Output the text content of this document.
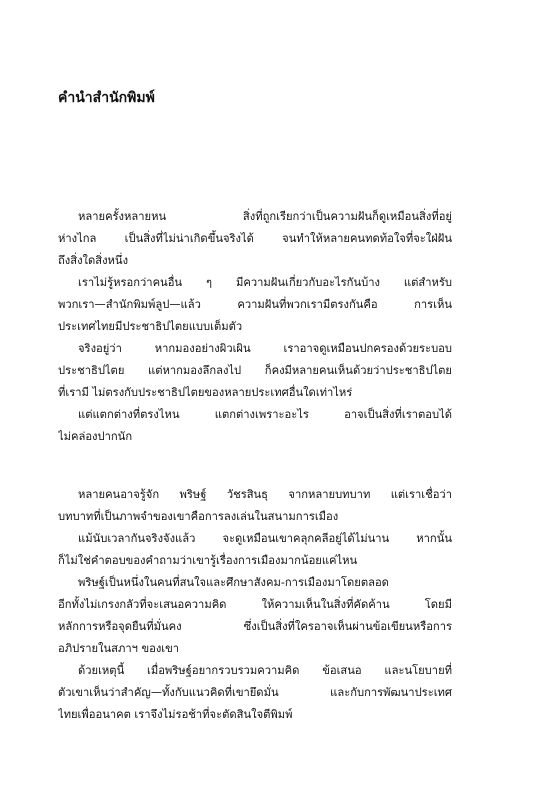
คำนำสำนักพิมพ์
หลายครั้งหลายหน สิ่งที่ถูกเรียกว่าเป็นความฝันก็ดูเหมือนสิ่งที่อยู่
ห่างไกล เป็นสิ่งที่ไม่น่าเกิดขึ้นจริงได้ จนทำให้หลายคนทดท้อใจที่จะใฝ่ฝัน
ถึงสิ่งใดสิ่งหนึ่ง
เราไม่รู้หรอกว่าคนอื่น ๆ มีความฝันเกี่ยวกับอะไรกันบ้าง แต่สำหรับ
พวกเรา—สำนักพิมพ์ลูป—แล้ว ความฝันที่พวกเรามีตรงกันคือ การเห็น
ประเทศไทยมีประชาธิปไตยแบบเต็มตัว
จริงอยู่ว่า หากมองอย่างผิวเผิน เราอาจดูเหมือนปกครองด้วยระบอบ
ประชาธิปไตย แต่หากมองลึกลงไป ก็คงมีหลายคนเห็นด้วยว่าประชาธิปไตย
ที่เรามี ไม่ตรงกับประชาธิปไตยของหลายประเทศอื่นใดเท่าไหร่
แต่แตกต่างที่ตรงไหน แตกต่างเพราะอะไร อาจเป็นสิ่งที่เราตอบได้
ไม่คล่องปากนัก
หลายคนอาจรู้จัก พริษฐ์ วัชรสินธุ จากหลายบทบาท แต่เราเชื่อว่า
บทบาทที่เป็นภาพจำของเขาคือการลงเล่นในสนามการเมือง
แม้นับเวลากันจริงจังแล้ว จะดูเหมือนเขาคลุกคลีอยู่ได้ไม่นาน หากนั้น
ก็ไม่ใช่คำตอบของคำถามว่าเขารู้เรื่องการเมืองมากน้อยแค่ไหน
พริษฐ์เป็นหนึ่งในคนที่สนใจและศึกษาสังคม-การเมืองมาโดยตลอด
อีกทั้งไม่เกรงกลัวที่จะเสนอความคิด ให้ความเห็นในสิ่งที่คัดค้าน โดยมี
หลักการหรือจุดยืนที่มั่นคง ซึ่งเป็นสิ่งที่ใครอาจเห็นผ่านข้อเขียนหรือการ
อภิปรายในสภาฯ ของเขา
ด้วยเหตุนี้ เมื่อพริษฐ์อยากรวบรวมความคิด ข้อเสนอ และนโยบายที่
ตัวเขาเห็นว่าสำคัญ—ทั้งกับแนวคิดที่เขายึดมั่น และกับการพัฒนาประเทศ
ไทยเพื่ออนาคต เราจึงไม่รอช้าที่จะตัดสินใจตีพิมพ์
